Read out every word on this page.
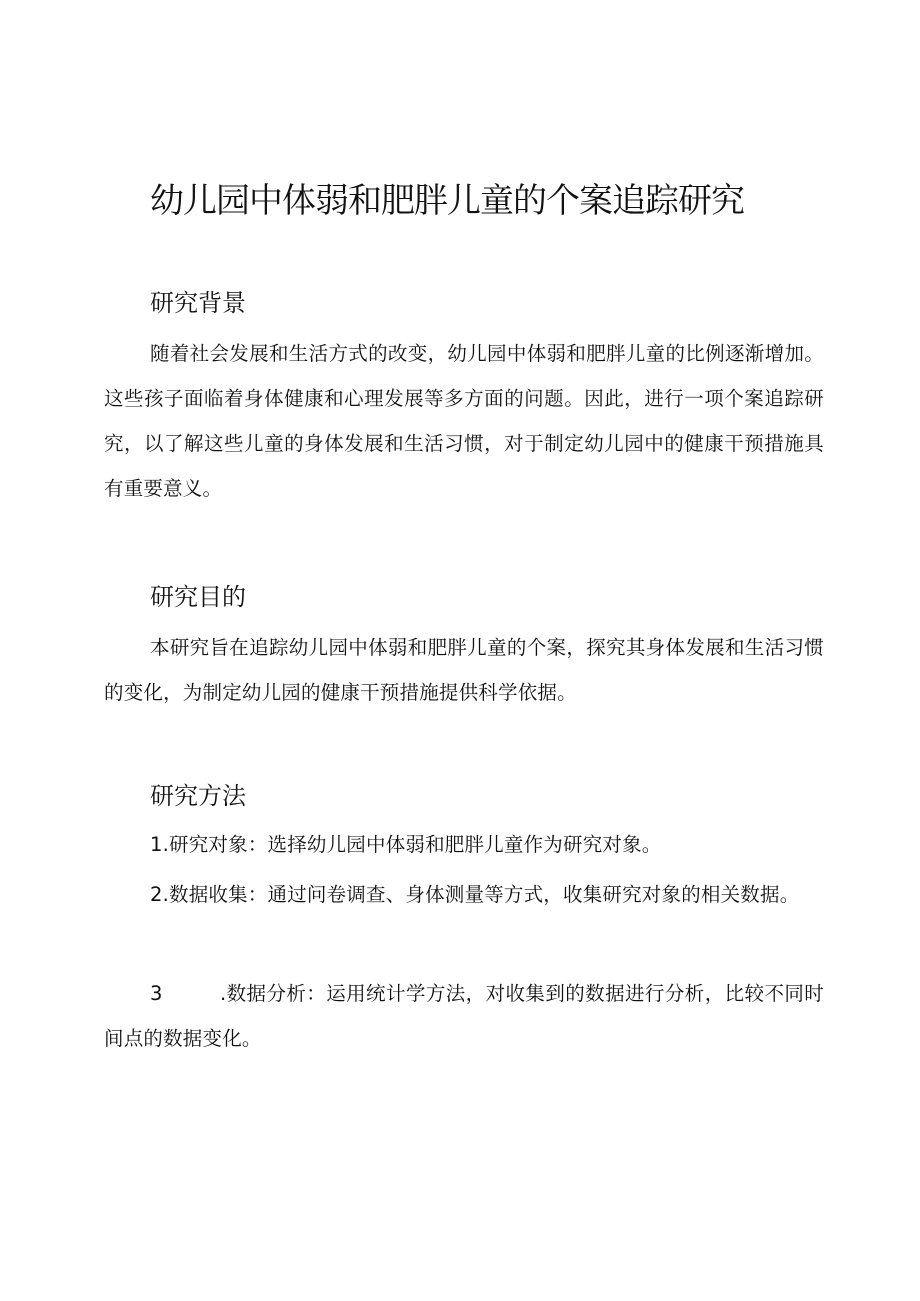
幼儿园中体弱和肥胖儿童的个案追踪研究
研究背景

随着社会发展和生活方式的改变，幼儿园中体弱和肥胖儿童的比例逐渐增加。这些孩子面临着身体健康和心理发展等多方面的问题。因此，进行一项个案追踪研究，以了解这些儿童的身体发展和生活习惯，对于制定幼儿园中的健康干预措施具有重要意义。

研究目的

本研究旨在追踪幼儿园中体弱和肥胖儿童的个案，探究其身体发展和生活习惯的变化，为制定幼儿园的健康干预措施提供科学依据。

研究方法

1.研究对象：选择幼儿园中体弱和肥胖儿童作为研究对象。

2.数据收集：通过问卷调查、身体测量等方式，收集研究对象的相关数据。

3	.数据分析：运用统计学方法，对收集到的数据进行分析，比较不同时间点的数据变化。
